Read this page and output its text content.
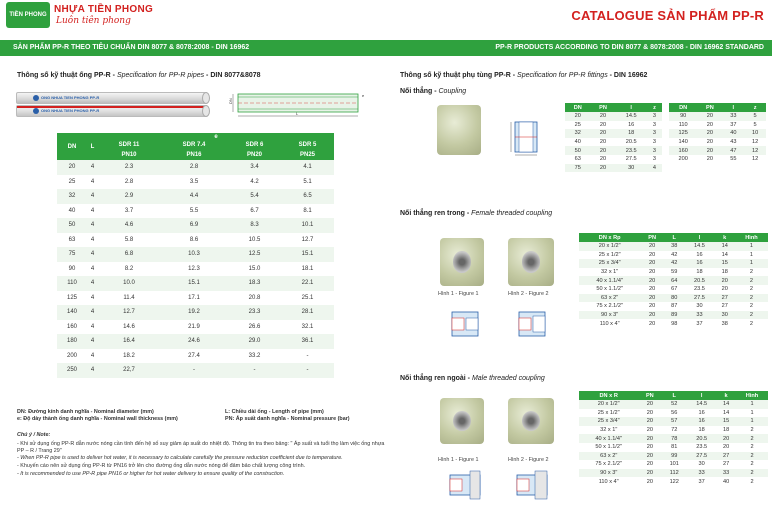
TIỀN PHONG NHỰA TIỀN PHONG
Luôn tiên phong	CATALOGUE SẢN PHẨM PP-R
SẢN PHẨM PP-R THEO TIÊU CHUẨN DIN 8077 & 8078:2008 - DIN 16962	PP-R PRODUCTS ACCORDING TO DIN 8077 & 8078:2008 - DIN 16962 STANDARD
Thông số kỹ thuật ống PP-R - Specification for PP-R pipes - DIN 8077&8078
ONG NHUA TIEN PHONG PP-R
ONG NHUA TIEN PHONG PP-R
DN
e
L
DN	L	e			
		SDR 11	SDR 7.4	SDR 6	SDR 5
		PN10	PN16	PN20	PN25
20	4	2.3	2.8	3.4	4.1
25	4	2.8	3.5	4.2	5.1
32	4	2.9	4.4	5.4	6.5
40	4	3.7	5.5	6.7	8.1
50	4	4.6	6.9	8.3	10.1
63	4	5.8	8.6	10.5	12.7
75	4	6.8	10.3	12.5	15.1
90	4	8.2	12.3	15.0	18.1
110	4	10.0	15.1	18.3	22.1
125	4	11.4	17.1	20.8	25.1
140	4	12.7	19.2	23.3	28.1
160	4	14.6	21.9	26.6	32.1
180	4	16.4	24.6	29.0	36.1
200	4	18.2	27.4	33.2	-
250	4	22,7	-	-	-
DN: Đường kính danh nghĩa - Nominal diameter (mm)
e: Độ dày thành ống danh nghĩa - Nominal wall thickness (mm)
L: Chiều dài ống - Length of pipe (mm)
PN: Áp suất danh nghĩa - Nominal pressure (bar)
Chú ý / Note:
- Khi sử dụng ống PP-R dẫn nước nóng cần tính đến hệ số suy giảm áp suất do nhiệt độ. Thông tin tra theo bảng: " Áp suất và tuổi thọ làm việc ống nhựa PP – R / Trang 29"
- When PP-R pipe is used to deliver hot water, it is necessary to calculate carefully the pressure reduction coefficient due to temperature.
- Khuyến cáo nên sử dụng ống PP-R từ PN16 trở lên cho đường ống dẫn nước nóng để đảm bảo chất lượng công trình.
- It is recommended to use PP-R pipe PN16 or higher for hot water delivery to ensure quality of the construction.
Thông số kỹ thuật phụ tùng PP-R - Specification for PP-R fittings - DIN 16962
Nối thẳng - Coupling
DN	PN	l	z
20	20	14.5	3
25	20	16	3
32	20	18	3
40	20	20.5	3
50	20	23.5	3
63	20	27.5	3
75	20	30	4
DN	PN	l	z
90	20	33	5
110	20	37	5
125	20	40	10
140	20	43	12
160	20	47	12
200	20	55	12
Nối thẳng ren trong - Female threaded coupling
Hình 1 - Figure 1	Hình 2 - Figure 2
DN x Rp	PN	L	l	k	Hình
20 x 1/2"	20	38	14.5	14	1
25 x 1/2"	20	42	16	14	1
25 x 3/4"	20	42	16	15	1
32 x 1"	20	59	18	18	2
40 x 1.1/4"	20	64	20.5	20	2
50 x 1.1/2"	20	67	23.5	20	2
63 x 2"	20	80	27.5	27	2
75 x 2.1/2"	20	87	30	27	2
90 x 3"	20	89	33	30	2
110 x 4"	20	98	37	38	2
Nối thẳng ren ngoài - Male threaded coupling
Hình 1 - Figure 1	Hình 2 - Figure 2
DN x R	PN	L	l	k	Hình
20 x 1/2"	20	52	14.5	14	1
25 x 1/2"	20	56	16	14	1
25 x 3/4"	20	57	16	15	1
32 x 1"	20	72	18	18	2
40 x 1.1/4"	20	78	20.5	20	2
50 x 1.1/2"	20	81	23.5	20	2
63 x 2"	20	99	27.5	27	2
75 x 2.1/2"	20	101	30	27	2
90 x 3"	20	112	33	33	2
110 x 4"	20	122	37	40	2
